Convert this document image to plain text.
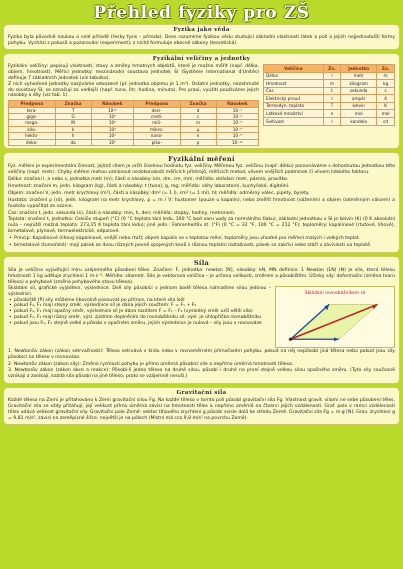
Přehled fyziky pro ZŠ
Fyzika jako věda

Fyzika byla původně naukou o celé přírodě (řecky fysis – příroda). Dnes rozumíme fyzikou vědu studující základní vlastnosti látek a polí a jejich nejjednodušší formy pohybu. Vychází z pokusů a pozorování (experiment), z nichž formuluje obecné zákony (teoretická).

Fyzikální veličiny a jednotky

Fyzikální veličiny: popisují vlastnosti, stavy a změny hmotných objektů, které je možno měřit (např. délka, objem, hmotnost). Měřicí jednotky: mezinárodní soustava jednotek SI (Système International d'Unités) definuje 7 základních jednotek (viz tabulka).

Z nich vytvořené jednotky nazýváme odvozené (př. jednotka objemu je 1 m³). Ostatní jednotky, nezahrnuté do soustavy SI, se označují za vedlejší (např. tuna, litr, hodina, minuta). Pro praxi, využití používáme jejich násobky a díly (viz tab. 1).

Předpona	Značka	Násobek	Předpona	Značka	Násobek
tera-	T	10¹²	deci-	d	10⁻¹
giga-	G	10⁹	centi-	c	10⁻²
mega-	M	10⁶	mili-	m	10⁻³
kilo-	k	10³	mikro-	µ	10⁻⁶
hekto-	h	10²	nano-	n	10⁻⁹
deka-	da	10¹	piko-	p	10⁻¹²
Veličina	Zn.	Jednotka	Zn.
Délka	l	metr	m
Hmotnost	m	kilogram	kg
Čas	t	sekunda	s
Elektrický proud	I	ampér	A
Termodyn. teplota	T	kelvin	K
Látkové množství	n	mol	mol
Svítivost	I	kandela	cd
Fyzikální měření

Fyz. měření je experimentální činnost, jejímž cílem je určit číselnou hodnotu fyz. veličiny. Měřenou fyz. veličinu (např. délku) porovnáváme s dohodnutou jednotkou této veličiny (např. metr). Chyby měření mohou vzniknout nedokonalostí měřicích přístrojů, měřicích metod, vlivem vnějších podmínek či vlivem lidského faktoru.

Délka: značení l, a nebo s, jednotka metr (m); části a násobky: km, dm, cm, mm; měřidla: skládací metr, pásmo, pravítko.

Hmotnost: značení m, jedn. kilogram (kg), části a násobky: t (tuna), g, mg; měřidla: váhy laboratorní, kuchyňské, digitální.

Objem: značení V, jedn. metr krychlový (m³), části a násobky: dm³ (= 1 l), cm³ (= 1 ml), hl; měřidla: odměrný válec, pipety, byrety.

Hustota: značení ρ (ró), jedn. kilogram na metr krychlový, ρ = m / V; hustomer (pouze u kapalin), nebo změřit hmotnost (vážením) a objem (odměrným válcem) a hustotu vypočítat ze vzorce.

Čas: značení t, jedn. sekunda (s), části a násobky: min, h, den; měřidla: stopky, hodiny, metronom.

Teplota: značení t, jednotka: Celsiův stupeň (°C) (0 °C teplota tání ledu, 100 °C bod varu vody za normálního tlaku), základní jednotkou v SI je kelvin (K) (0 K absolutní nula – nejnižší možná teplota: 273,15 K teplota tání ledu); jiné jedn.: Fahrenheitův st. (°F) (0 °C = 32 °F, 100 °C = 212 °F); teploměry: kapalinové (rtuťové, lihové), bimetalové, plynové, termoelektrické, odporové.

• Princip: Kapalinové (lihový kapalinové, vnější nebo rtuť); objem kapalin se s teplotou mění, teploměry jsou vhodné pro měření malých i velkých teplot.

• bimetalové (tumořské): mají pásek ze dvou různých pevně spojených kovů s různou teplotní roztažností, pásek se zakřiví nebo stáčí v závislosti na teplotě.

Síla

Síla je veličina vyjadřující míru vzájemného působení těles. Značení: F, jednotka: newton [N], násobky: kN, MN definice: 1 Newton (1N) (N) je síla, která tělesu hmotnosti 1 kg uděluje zrychlení 1 m·s⁻². Měřidlo: silometr. Síla je vektorová veličina – je určena velikostí, směrem a působištěm. Účinky síly: deformační (změna tvaru tělesa) a pohybové (změna pohybového stavu tělesa).

Skládání sil, grafické vyjádření, výslednice. Dvě síly působící v jednom bodě tělesa nahradíme silou jedinou – výslednicí.

• působiště (P) síly můžeme libovolně posouvat po přímce, na které síla leží

• pokud F₁, F₂ mají stejný směr, výslednice síl je dána jejich součtem: F = F₁ + F₂

• pokud F₁, F₂ mají opačný směr, výslednice síl je dána rozdílem F = F₁ – F₂ (výsledný směr určí větší síla)

• pokud F₁, F₂ mají různý směr, výsl. zjistíme doplněním do rovnoběžníku síl; výsl. je úhlopříčka rovnoběžníku

• pokud jsou F₁, F₂ stejně velké a působí v opačném směru, jejich výslednice je nulová – síly jsou v rovnováze

Skládání rovnoběžníkem sil

1. Newtonův zákon (zákon setrvačnosti): Těleso setrvává v klidu nebo v rovnoměrném přímočarém pohybu, pokud na něj nepůsobí jiná tělesa nebo pokud jsou síly působící na těleso v rovnováze.

2. Newtonův zákon (zákon síly): Změna rychlosti pohybu je přímo úměrná působící síle a nepřímo úměrná hmotnosti tělesa.

3. Newtonův zákon (zákon akce a reakce): Působí-li jedno těleso na druhé silou, působí i druhé na první stejně velkou silou opačného směru. (Tyto síly současně vznikají a zanikají, každá síla působí na jiné těleso, proto se vzájemně neruší.)

Gravitační síla

Každé těleso na Zemi je přitahováno k Zemi gravitační silou Fg. Na každé těleso v tomto poli působí gravitační síla Fg. Vlastnost gravit. silami ne sebe působení těles. Gravitační síla se vždy přitahují, její velikost přímo úměrná závisí na hmotnosti těles a nepřímo úměrně na čtverci jejich vzdálenosti. Graf. pole v rámci vzdálenosti těles udává velikost gravitační síly. Gravitační pole Země: vektor tíhového zrychlení g působí svisle dolů ke středu Země. Gravitační síla Fg = m·g [N]. Grav. zrychlení g = 9,81 m/s², závisí na zeměpisné šířce, největší je na pólech (Místní má cca 9,8 m/s² na povrchu Země).
